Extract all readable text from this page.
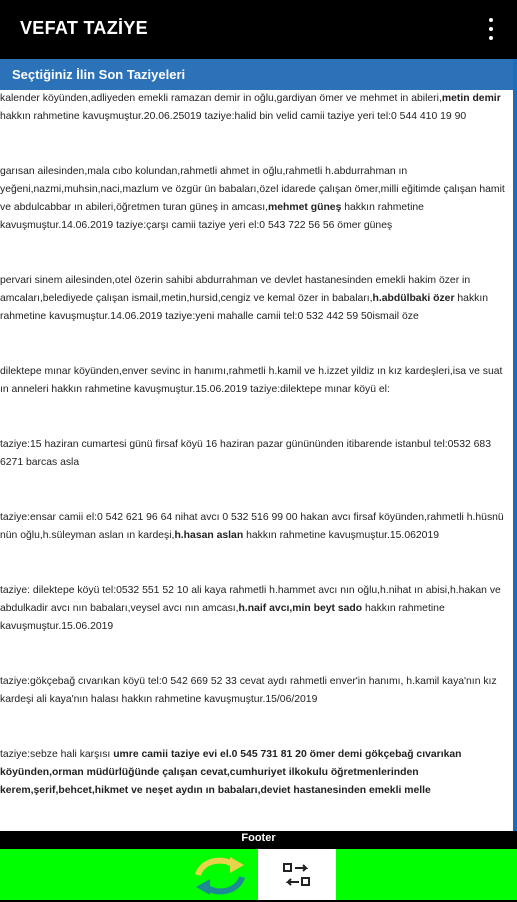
VEFAT TAZİYE
Seçtiğiniz İlin Son Taziyeleri

kalender köyünden,adliyeden emekli ramazan demir in oğlu,gardiyan ömer ve mehmet in abileri,metin demir hakkın rahmetine kavuşmuştur.20.06.25019 taziye:halid bin velid camii taziye yeri tel:0 544 410 19 90

garısan ailesinden,mala cıbo kolundan,rahmetli ahmet in oğlu,rahmetli h.abdurrahman ın yeğeni,nazmi,muhsin,naci,mazlum ve özgür ün babaları,özel idarede çalışan ömer,milli eğitimde çalışan hamit ve abdulcabbar ın abileri,öğretmen turan güneş in amcası,mehmet güneş hakkın rahmetine kavuşmuştur.14.06.2019 taziye:çarşı camii taziye yeri el:0 543 722 56 56 ömer güneş

pervari sinem ailesinden,otel özerin sahibi abdurrahman ve devlet hastanesinden emekli hakim özer in amcaları,belediyede çalışan ismail,metin,hursid,cengiz ve kemal özer in babaları,h.abdülbaki özer hakkın rahmetine kavuşmuştur.14.06.2019 taziye:yeni mahalle camii tel:0 532 442 59 50ismail öze

dilektepe mınar köyünden,enver sevinc in hanımı,rahmetli h.kamil ve h.izzet yildiz ın kız kardeşleri,isa ve suat ın anneleri hakkın rahmetine kavuşmuştur.15.06.2019 taziye:dilektepe mınar köyü el:

taziye:15 haziran cumartesi günü firsaf köyü 16 haziran pazar günününden itibarende istanbul tel:0532 683 6271 barcas asla

taziye:ensar camii el:0 542 621 96 64 nihat avcı 0 532 516 99 00 hakan avcı firsaf köyünden,rahmetli h.hüsnü nün oğlu,h.süleyman aslan ın kardeşi,h.hasan aslan hakkın rahmetine kavuşmuştur.15.062019

taziye: dilektepe köyü tel:0532 551 52 10 ali kaya rahmetli h.hammet avcı nın oğlu,h.nihat ın abisi,h.hakan ve abdulkadir avcı nın babaları,veysel avcı nın amcası,h.naif avcı,min beyt sado hakkın rahmetine kavuşmuştur.15.06.2019

taziye:gökçebağ cıvarıkan köyü tel:0 542 669 52 33 cevat aydı rahmetli enver'in hanımı, h.kamil kaya'nın kız kardeşi ali kaya'nın halası hakkın rahmetine kavuşmuştur.15/06/2019

taziye:sebze hali karşısı umre camii taziye evi el.0 545 731 81 20 ömer demi gökçebağ cıvarıkan köyünden,orman müdürlüğünde çalışan cevat,cumhuriyet ilkokulu öğretmenlerinden kerem,şerif,behcet,hikmet ve neşet aydın ın babaları,deviet hastanesinden emekli melle

Footer
